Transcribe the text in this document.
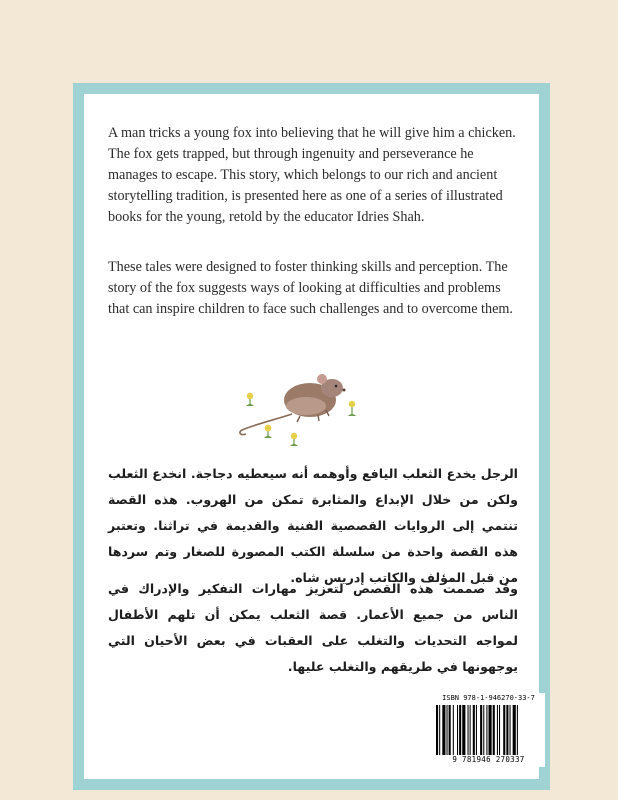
A man tricks a young fox into believing that he will give him a chicken. The fox gets trapped, but through ingenuity and perseverance he manages to escape. This story, which belongs to our rich and ancient storytelling tradition, is presented here as one of a series of illustrated books for the young, retold by the educator Idries Shah.

These tales were designed to foster thinking skills and perception. The story of the fox suggests ways of looking at difficulties and problems that can inspire children to face such challenges and to overcome them.

الرجل يخدع الثعلب اليافع وأوهمه أنه سيعطيه دجاجة. انخدع الثعلب ولكن من خلال الإبداع والمثابرة تمكن من الهروب. هذه القصة تنتمي إلى الروايات القصصية الفنية والقديمة في تراثنا. وتعتبر هذه القصة واحدة من سلسلة الكتب المصورة للصغار وتم سردها من قبل المؤلف والكاتب إدريس شاه.

وقد صممت هذه القصص لتعزيز مهارات التفكير والإدراك في الناس من جميع الأعمار. قصة الثعلب يمكن أن تلهم الأطفال لمواجه التحديات والتغلب على العقبات في بعض الأحيان التي يوجهونها في طريقهم والتغلب عليها.

ISBN 978-1-946270-33-7
9 781946 270337
